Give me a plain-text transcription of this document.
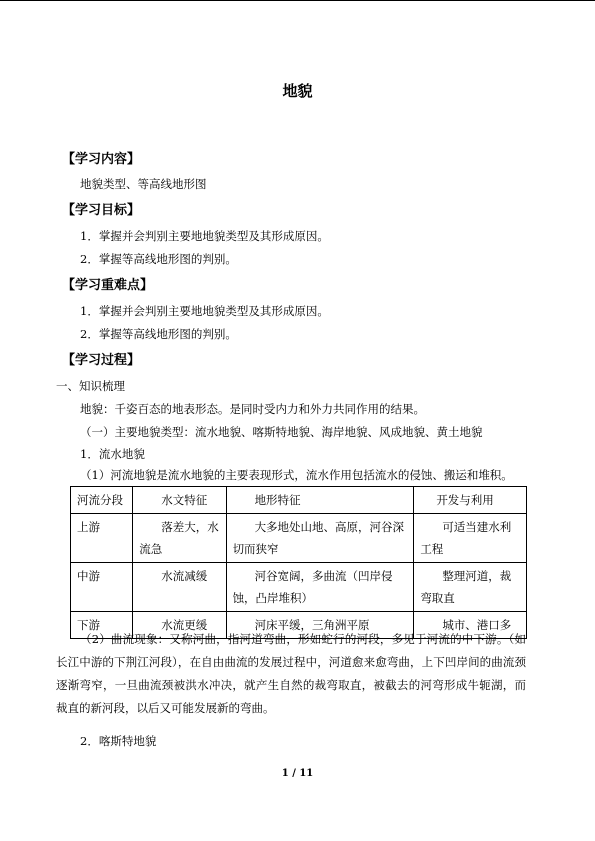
地貌
【学习内容】
地貌类型、等高线地形图
【学习目标】
1．掌握并会判别主要地地貌类型及其形成原因。
2．掌握等高线地形图的判别。
【学习重难点】
1．掌握并会判别主要地地貌类型及其形成原因。
2．掌握等高线地形图的判别。
【学习过程】
一、知识梳理
地貌：千姿百态的地表形态。是同时受内力和外力共同作用的结果。
（一）主要地貌类型：流水地貌、喀斯特地貌、海岸地貌、风成地貌、黄土地貌
1．流水地貌
（1）河流地貌是流水地貌的主要表现形式，流水作用包括流水的侵蚀、搬运和堆积。
河流分段	水文特征	地形特征	开发与利用
上游	落差大，水流急	大多地处山地、高原，河谷深切而狭窄	可适当建水利工程
中游	水流减缓	河谷宽阔，多曲流（凹岸侵蚀，凸岸堆积）	整理河道，裁弯取直
下游	水流更缓	河床平缓，三角洲平原	城市、港口多
（2）曲流现象：又称河曲，指河道弯曲，形如蛇行的河段，多见于河流的中下游。（如长江中游的下荆江河段），在自由曲流的发展过程中，河道愈来愈弯曲，上下凹岸间的曲流颈逐渐弯窄，一旦曲流颈被洪水冲决，就产生自然的裁弯取直，被截去的河弯形成牛轭湖，而裁直的新河段，以后又可能发展新的弯曲。
2．喀斯特地貌
1 / 11
